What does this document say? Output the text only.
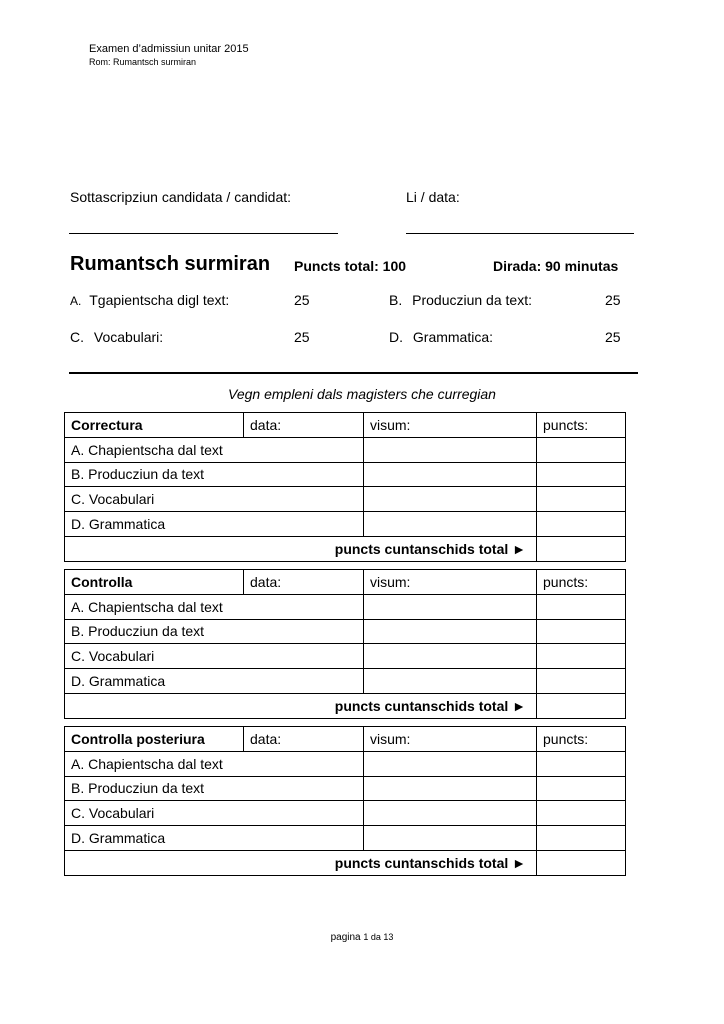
Examen d’admissiun unitar 2015
Rom: Rumantsch surmiran
Sottascripziun candidata / candidat:	Li / data:
Rumantsch surmiran Puncts total: 100	Dirada: 90 minutas
A. Tgapientscha digl text:	25	B. Producziun da text:	25
C. Vocabulari:	25	D. Grammatica:	25
Vegn empleni dals magisters che curregian
Correctura	data:	visum:	puncts:
A. Chapientscha dal text			
B. Producziun da text			
C. Vocabulari			
D. Grammatica			
puncts cuntanschids total ►			
Controlla	data:	visum:	puncts:
A. Chapientscha dal text			
B. Producziun da text			
C. Vocabulari			
D. Grammatica			
puncts cuntanschids total ►			
Controlla posteriura	data:	visum:	puncts:
A. Chapientscha dal text			
B. Producziun da text			
C. Vocabulari			
D. Grammatica			
puncts cuntanschids total ►			
pagina 1 da 13
